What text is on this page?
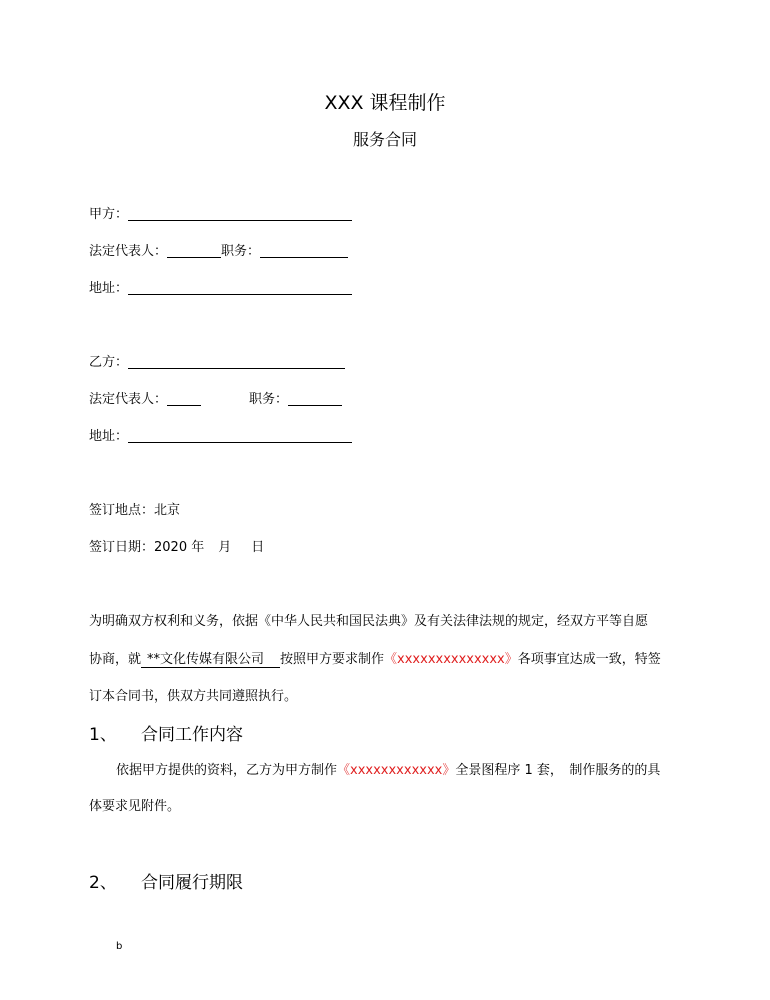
XXX 课程制作
服务合同
甲方：
法定代表人：	职务：
地址：
乙方：
法定代表人：	职务：
地址：
签订地点：北京
签订日期：2020 年 月 日
为明确双方权利和义务，依据《中华人民共和国民法典》及有关法律法规的规定，经双方平等自愿
协商，就 **文化传媒有限公司 按照甲方要求制作《xxxxxxxxxxxxxx》各项事宜达成一致，特签
订本合同书，供双方共同遵照执行。
1、 合同工作内容
依据甲方提供的资料，乙方为甲方制作《xxxxxxxxxxxx》全景图程序 1 套，　制作服务的的具
体要求见附件。
2、 合同履行期限
b
